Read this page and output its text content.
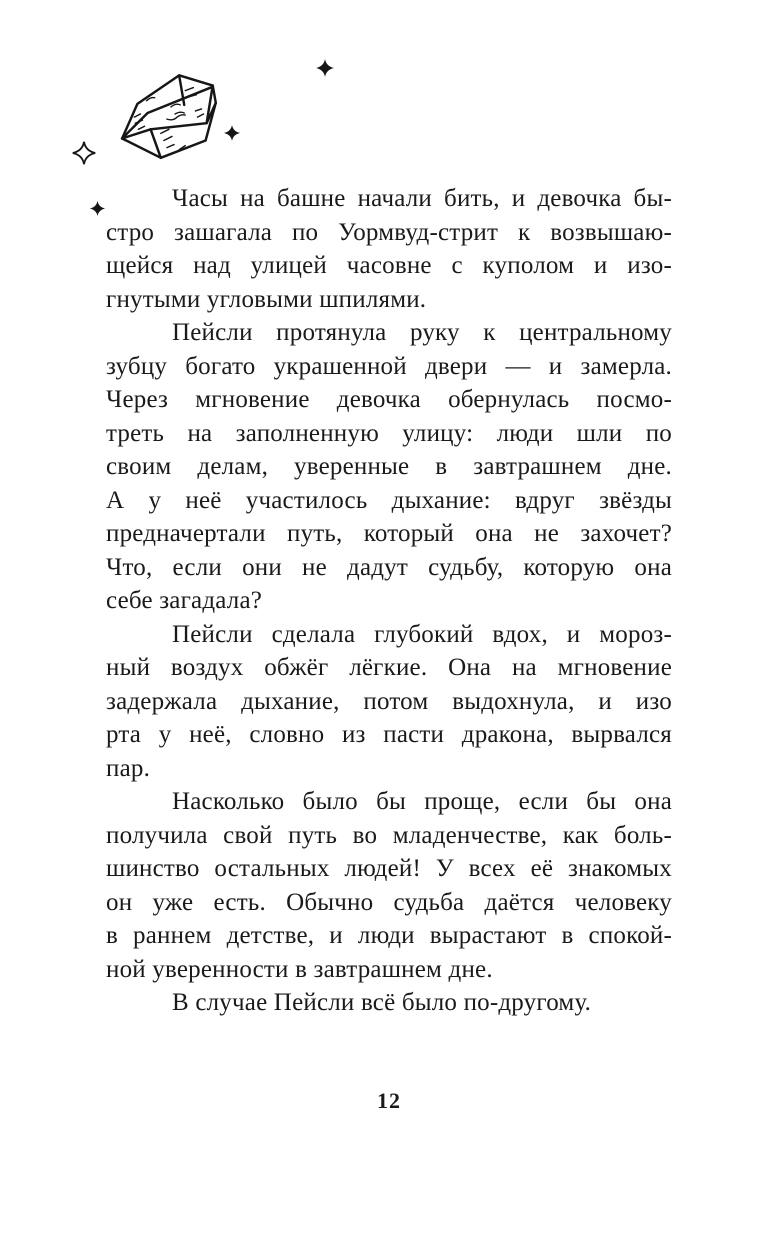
Часы на башне начали бить, и девочка бы-
стро зашагала по Уормвуд-стрит к возвышаю-
щейся над улицей часовне с куполом и изо-
гнутыми угловыми шпилями.
Пейсли протянула руку к центральному
зубцу богато украшенной двери — и замерла.
Через мгновение девочка обернулась посмо-
треть на заполненную улицу: люди шли по
своим делам, уверенные в завтрашнем дне.
А у неё участилось дыхание: вдруг звёзды
предначертали путь, который она не захочет?
Что, если они не дадут судьбу, которую она
себе загадала?
Пейсли сделала глубокий вдох, и мороз-
ный воздух обжёг лёгкие. Она на мгновение
задержала дыхание, потом выдохнула, и изо
рта у неё, словно из пасти дракона, вырвался
пар.
Насколько было бы проще, если бы она
получила свой путь во младенчестве, как боль-
шинство остальных людей! У всех её знакомых
он уже есть. Обычно судьба даётся человеку
в раннем детстве, и люди вырастают в спокой-
ной уверенности в завтрашнем дне.
В случае Пейсли всё было по-другому.
12
